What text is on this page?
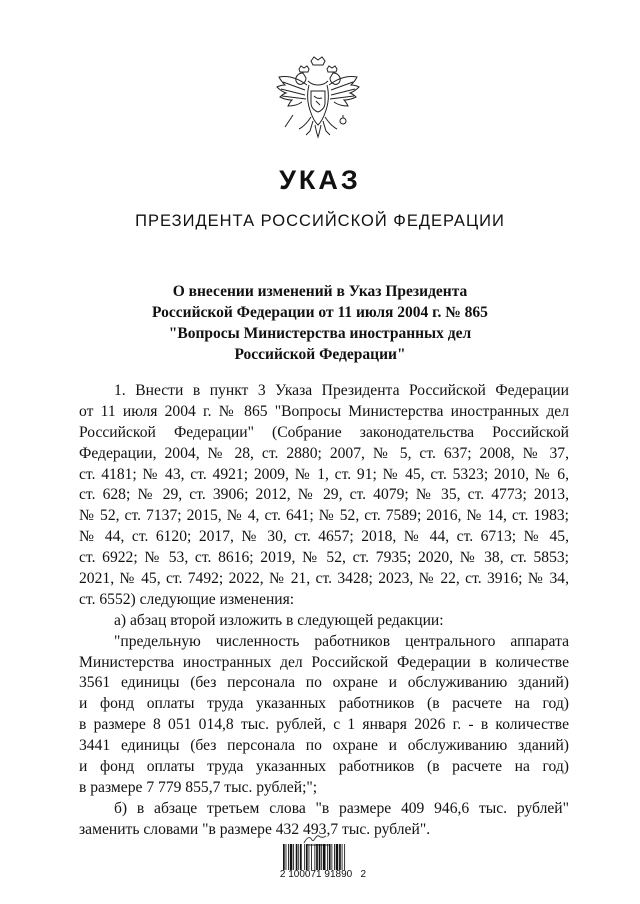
УКАЗ
ПРЕЗИДЕНТА РОССИЙСКОЙ ФЕДЕРАЦИИ
О внесении изменений в Указ Президента
Российской Федерации от 11 июля 2004 г. № 865
"Вопросы Министерства иностранных дел
Российской Федерации"
1. Внести в пункт 3 Указа Президента Российской Федерации
от 11 июля 2004 г. № 865 "Вопросы Министерства иностранных дел
Российской Федерации" (Собрание законодательства Российской
Федерации, 2004, № 28, ст. 2880; 2007, № 5, ст. 637; 2008, № 37,
ст. 4181; № 43, ст. 4921; 2009, № 1, ст. 91; № 45, ст. 5323; 2010, № 6,
ст. 628; № 29, ст. 3906; 2012, № 29, ст. 4079; № 35, ст. 4773; 2013,
№ 52, ст. 7137; 2015, № 4, ст. 641; № 52, ст. 7589; 2016, № 14, ст. 1983;
№ 44, ст. 6120; 2017, № 30, ст. 4657; 2018, № 44, ст. 6713; № 45,
ст. 6922; № 53, ст. 8616; 2019, № 52, ст. 7935; 2020, № 38, ст. 5853;
2021, № 45, ст. 7492; 2022, № 21, ст. 3428; 2023, № 22, ст. 3916; № 34,
ст. 6552) следующие изменения:
а) абзац второй изложить в следующей редакции:
"предельную численность работников центрального аппарата
Министерства иностранных дел Российской Федерации в количестве
3561 единицы (без персонала по охране и обслуживанию зданий)
и фонд оплаты труда указанных работников (в расчете на год)
в размере 8 051 014,8 тыс. рублей, с 1 января 2026 г. - в количестве
3441 единицы (без персонала по охране и обслуживанию зданий)
и фонд оплаты труда указанных работников (в расчете на год)
в размере 7 779 855,7 тыс. рублей;";
б) в абзаце третьем слова "в размере 409 946,6 тыс. рублей"
заменить словами "в размере 432 493,7 тыс. рублей".
2 100071 91890   2
